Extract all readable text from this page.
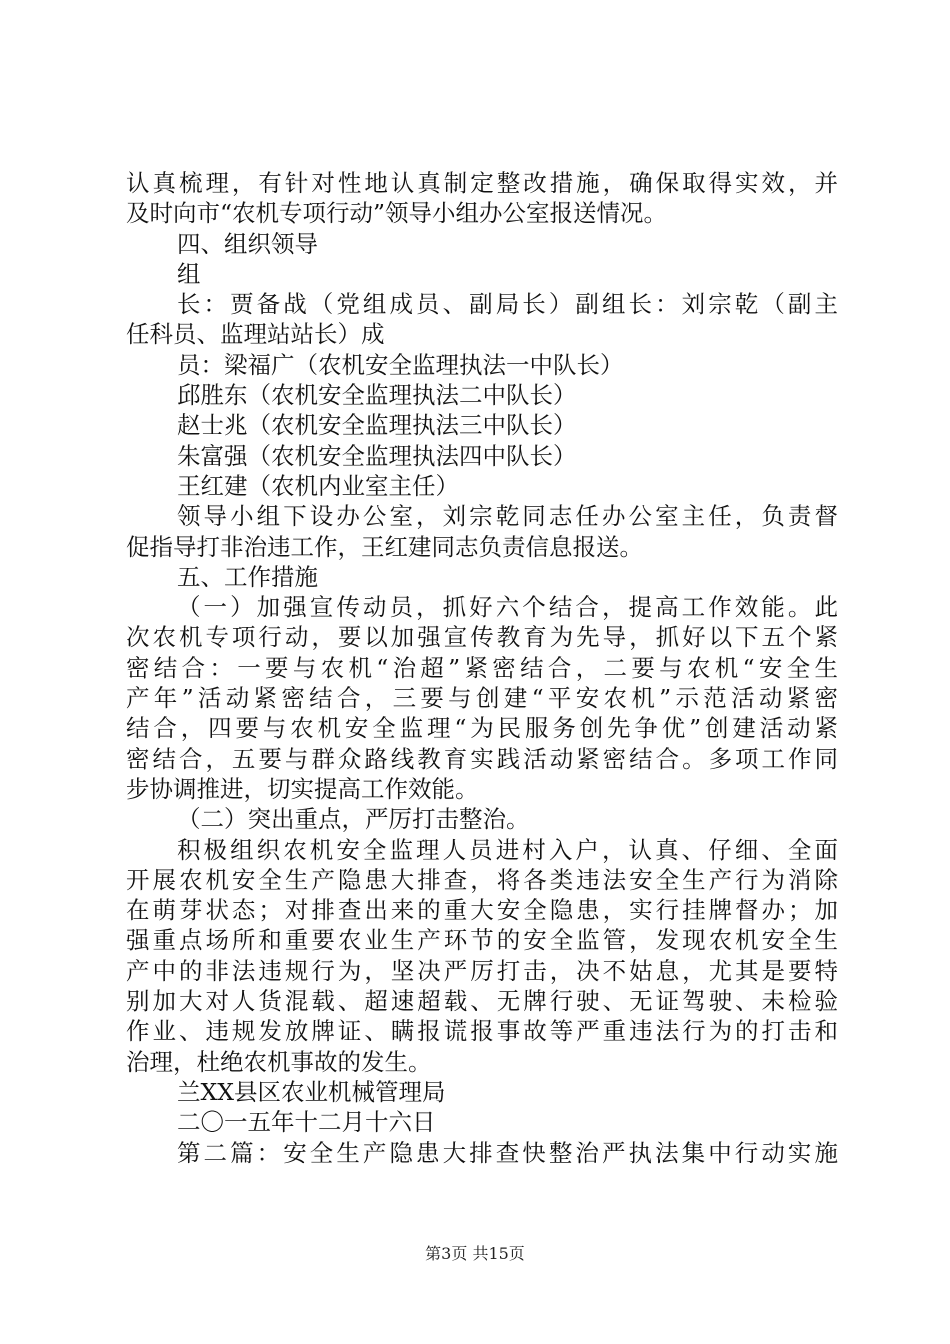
认真梳理，有针对性地认真制定整改措施，确保取得实效，并
及时向市“农机专项行动”领导小组办公室报送情况。
四、组织领导
组
长：贾备战（党组成员、副局长）副组长：刘宗乾（副主
任科员、监理站站长）成
员：梁福广（农机安全监理执法一中队长）
邱胜东（农机安全监理执法二中队长）
赵士兆（农机安全监理执法三中队长）
朱富强（农机安全监理执法四中队长）
王红建（农机内业室主任）
领导小组下设办公室，刘宗乾同志任办公室主任，负责督
促指导打非治违工作，王红建同志负责信息报送。
五、工作措施
（一）加强宣传动员，抓好六个结合，提高工作效能。此
次农机专项行动，要以加强宣传教育为先导，抓好以下五个紧
密结合：一要与农机“治超”紧密结合，二要与农机“安全生
产年”活动紧密结合，三要与创建“平安农机”示范活动紧密
结合，四要与农机安全监理“为民服务创先争优”创建活动紧
密结合，五要与群众路线教育实践活动紧密结合。多项工作同
步协调推进，切实提高工作效能。
（二）突出重点，严厉打击整治。
积极组织农机安全监理人员进村入户，认真、仔细、全面
开展农机安全生产隐患大排查，将各类违法安全生产行为消除
在萌芽状态；对排查出来的重大安全隐患，实行挂牌督办；加
强重点场所和重要农业生产环节的安全监管，发现农机安全生
产中的非法违规行为，坚决严厉打击，决不姑息，尤其是要特
别加大对人货混载、超速超载、无牌行驶、无证驾驶、未检验
作业、违规发放牌证、瞒报谎报事故等严重违法行为的打击和
治理，杜绝农机事故的发生。
兰XX县区农业机械管理局
二〇一五年十二月十六日
第二篇：安全生产隐患大排查快整治严执法集中行动实施
第3页 共15页
